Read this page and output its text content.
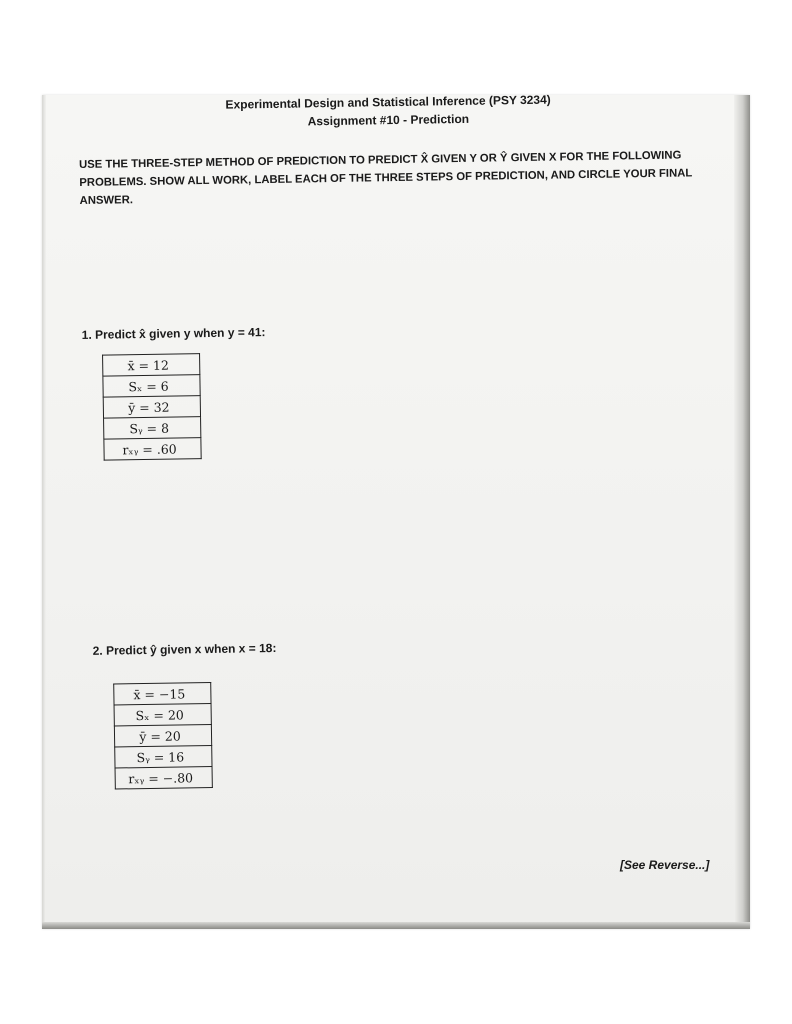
Experimental Design and Statistical Inference (PSY 3234)
Assignment #10 - Prediction
USE THE THREE-STEP METHOD OF PREDICTION TO PREDICT X̂ GIVEN Y OR Ŷ GIVEN X FOR THE FOLLOWING PROBLEMS. SHOW ALL WORK, LABEL EACH OF THE THREE STEPS OF PREDICTION, AND CIRCLE YOUR FINAL ANSWER.
1. Predict x̂ given y when y = 41:
x̄ = 12
Sₓ = 6
ȳ = 32
Sᵧ = 8
rₓᵧ = .60
2. Predict ŷ given x when x = 18:
x̄ = −15
Sₓ = 20
ȳ = 20
Sᵧ = 16
rₓᵧ = −.80
[See Reverse...]
